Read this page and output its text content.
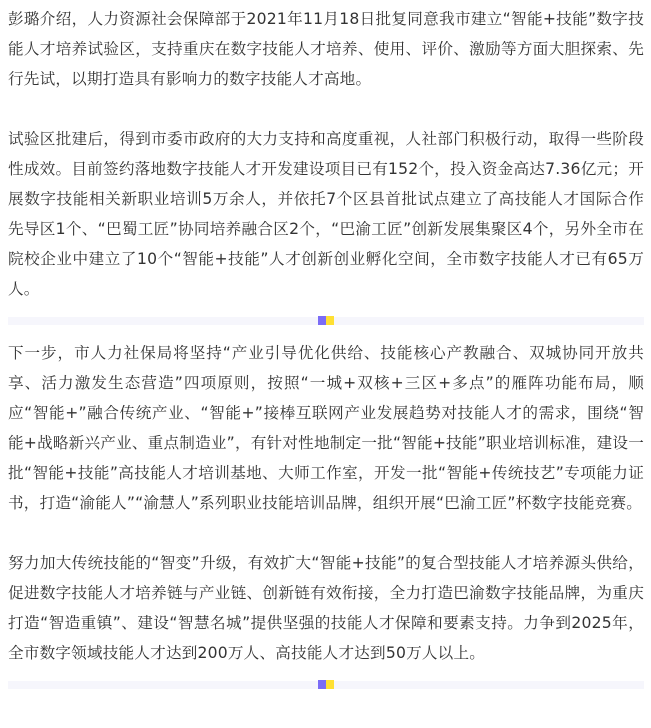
彭璐介绍，人力资源社会保障部于2021年11月18日批复同意我市建立“智能+技能”数字技能人才培养试验区，支持重庆在数字技能人才培养、使用、评价、激励等方面大胆探索、先行先试，以期打造具有影响力的数字技能人才高地。

试验区批建后，得到市委市政府的大力支持和高度重视，人社部门积极行动，取得一些阶段性成效。目前签约落地数字技能人才开发建设项目已有152个，投入资金高达7.36亿元；开展数字技能相关新职业培训5万余人，并依托7个区县首批试点建立了高技能人才国际合作先导区1个、“巴蜀工匠”协同培养融合区2个，“巴渝工匠”创新发展集聚区4个，另外全市在院校企业中建立了10个“智能+技能”人才创新创业孵化空间，全市数字技能人才已有65万人。

下一步，市人力社保局将坚持“产业引导优化供给、技能核心产教融合、双城协同开放共享、活力激发生态营造”四项原则，按照“一城+双核+三区+多点”的雁阵功能布局，顺应“智能+”融合传统产业、“智能+”接棒互联网产业发展趋势对技能人才的需求，围绕“智能+战略新兴产业、重点制造业”，有针对性地制定一批“智能+技能”职业培训标准，建设一批“智能+技能”高技能人才培训基地、大师工作室，开发一批“智能+传统技艺”专项能力证书，打造“渝能人”“渝慧人”系列职业技能培训品牌，组织开展“巴渝工匠”杯数字技能竞赛。

努力加大传统技能的“智变”升级，有效扩大“智能+技能”的复合型技能人才培养源头供给，促进数字技能人才培养链与产业链、创新链有效衔接，全力打造巴渝数字技能品牌，为重庆打造“智造重镇”、建设“智慧名城”提供坚强的技能人才保障和要素支持。力争到2025年，全市数字领域技能人才达到200万人、高技能人才达到50万人以上。
